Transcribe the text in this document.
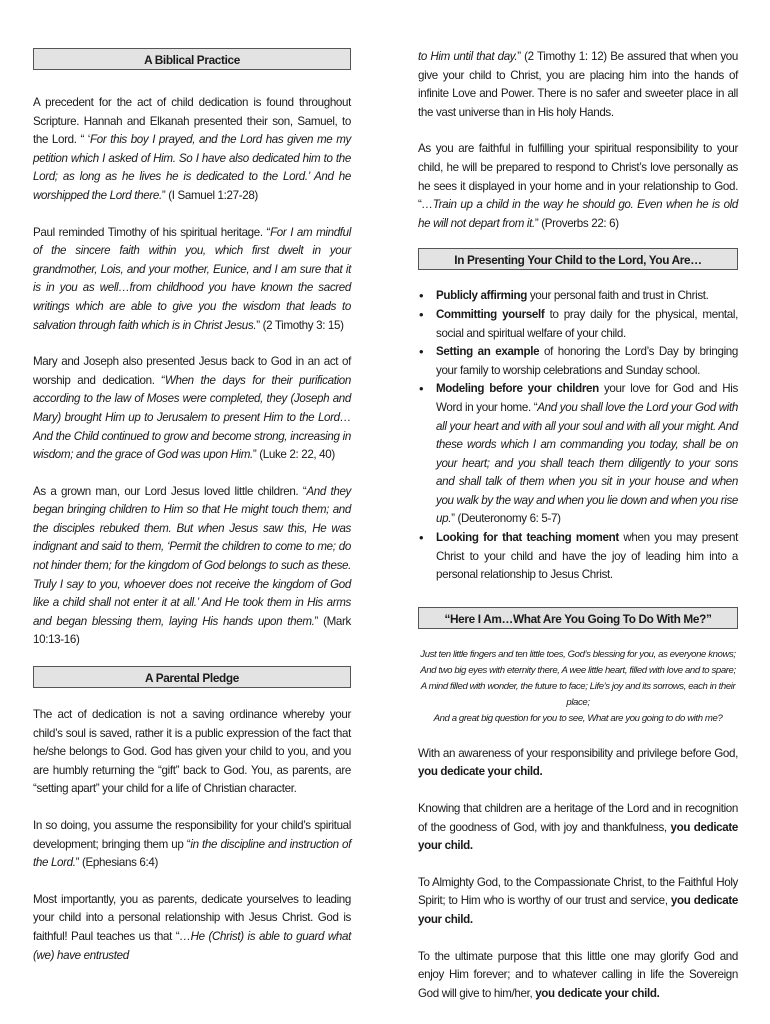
A Biblical Practice

A precedent for the act of child dedication is found throughout Scripture. Hannah and Elkanah presented their son, Samuel, to the Lord. “ ‘For this boy I prayed, and the Lord has given me my petition which I asked of Him. So I have also dedicated him to the Lord; as long as he lives he is dedicated to the Lord.’ And he worshipped the Lord there.” (I Samuel 1:27-28)

Paul reminded Timothy of his spiritual heritage. “For I am mindful of the sincere faith within you, which first dwelt in your grandmother, Lois, and your mother, Eunice, and I am sure that it is in you as well…from childhood you have known the sacred writings which are able to give you the wisdom that leads to salvation through faith which is in Christ Jesus.” (2 Timothy 3: 15)

Mary and Joseph also presented Jesus back to God in an act of worship and dedication. “When the days for their purification according to the law of Moses were completed, they (Joseph and Mary) brought Him up to Jerusalem to present Him to the Lord…And the Child continued to grow and become strong, increasing in wisdom; and the grace of God was upon Him.” (Luke 2: 22, 40)

As a grown man, our Lord Jesus loved little children. “And they began bringing children to Him so that He might touch them; and the disciples rebuked them. But when Jesus saw this, He was indignant and said to them, ‘Permit the children to come to me; do not hinder them; for the kingdom of God belongs to such as these. Truly I say to you, whoever does not receive the kingdom of God like a child shall not enter it at all.’ And He took them in His arms and began blessing them, laying His hands upon them.” (Mark 10:13-16)

A Parental Pledge

The act of dedication is not a saving ordinance whereby your child’s soul is saved, rather it is a public expression of the fact that he/she belongs to God. God has given your child to you, and you are humbly returning the “gift” back to God. You, as parents, are “setting apart” your child for a life of Christian character.

In so doing, you assume the responsibility for your child’s spiritual development; bringing them up “in the discipline and instruction of the Lord.” (Ephesians 6:4)

Most importantly, you as parents, dedicate yourselves to leading your child into a personal relationship with Jesus Christ. God is faithful! Paul teaches us that “…He (Christ) is able to guard what (we) have entrusted

to Him until that day.” (2 Timothy 1: 12) Be assured that when you give your child to Christ, you are placing him into the hands of infinite Love and Power. There is no safer and sweeter place in all the vast universe than in His holy Hands.

As you are faithful in fulfilling your spiritual responsibility to your child, he will be prepared to respond to Christ’s love personally as he sees it displayed in your home and in your relationship to God. “…Train up a child in the way he should go. Even when he is old he will not depart from it.” (Proverbs 22: 6)

In Presenting Your Child to the Lord, You Are…
• Publicly affirming your personal faith and trust in Christ.
• Committing yourself to pray daily for the physical, mental, social and spiritual welfare of your child.
• Setting an example of honoring the Lord’s Day by bringing your family to worship celebrations and Sunday school.
• Modeling before your children your love for God and His Word in your home. “And you shall love the Lord your God with all your heart and with all your soul and with all your might. And these words which I am commanding you today, shall be on your heart; and you shall teach them diligently to your sons and shall talk of them when you sit in your house and when you walk by the way and when you lie down and when you rise up.” (Deuteronomy 6: 5-7)
• Looking for that teaching moment when you may present Christ to your child and have the joy of leading him into a personal relationship to Jesus Christ.
“Here I Am…What Are You Going To Do With Me?”
Just ten little fingers and ten little toes, God’s blessing for you, as everyone knows;
And two big eyes with eternity there, A wee little heart, filled with love and to spare;
A mind filled with wonder, the future to face; Life’s joy and its sorrows, each in their place;
And a great big question for you to see, What are you going to do with me?

With an awareness of your responsibility and privilege before God, you dedicate your child.

Knowing that children are a heritage of the Lord and in recognition of the goodness of God, with joy and thankfulness, you dedicate your child.

To Almighty God, to the Compassionate Christ, to the Faithful Holy Spirit; to Him who is worthy of our trust and service, you dedicate your child.

To the ultimate purpose that this little one may glorify God and enjoy Him forever; and to whatever calling in life the Sovereign God will give to him/her, you dedicate your child.
